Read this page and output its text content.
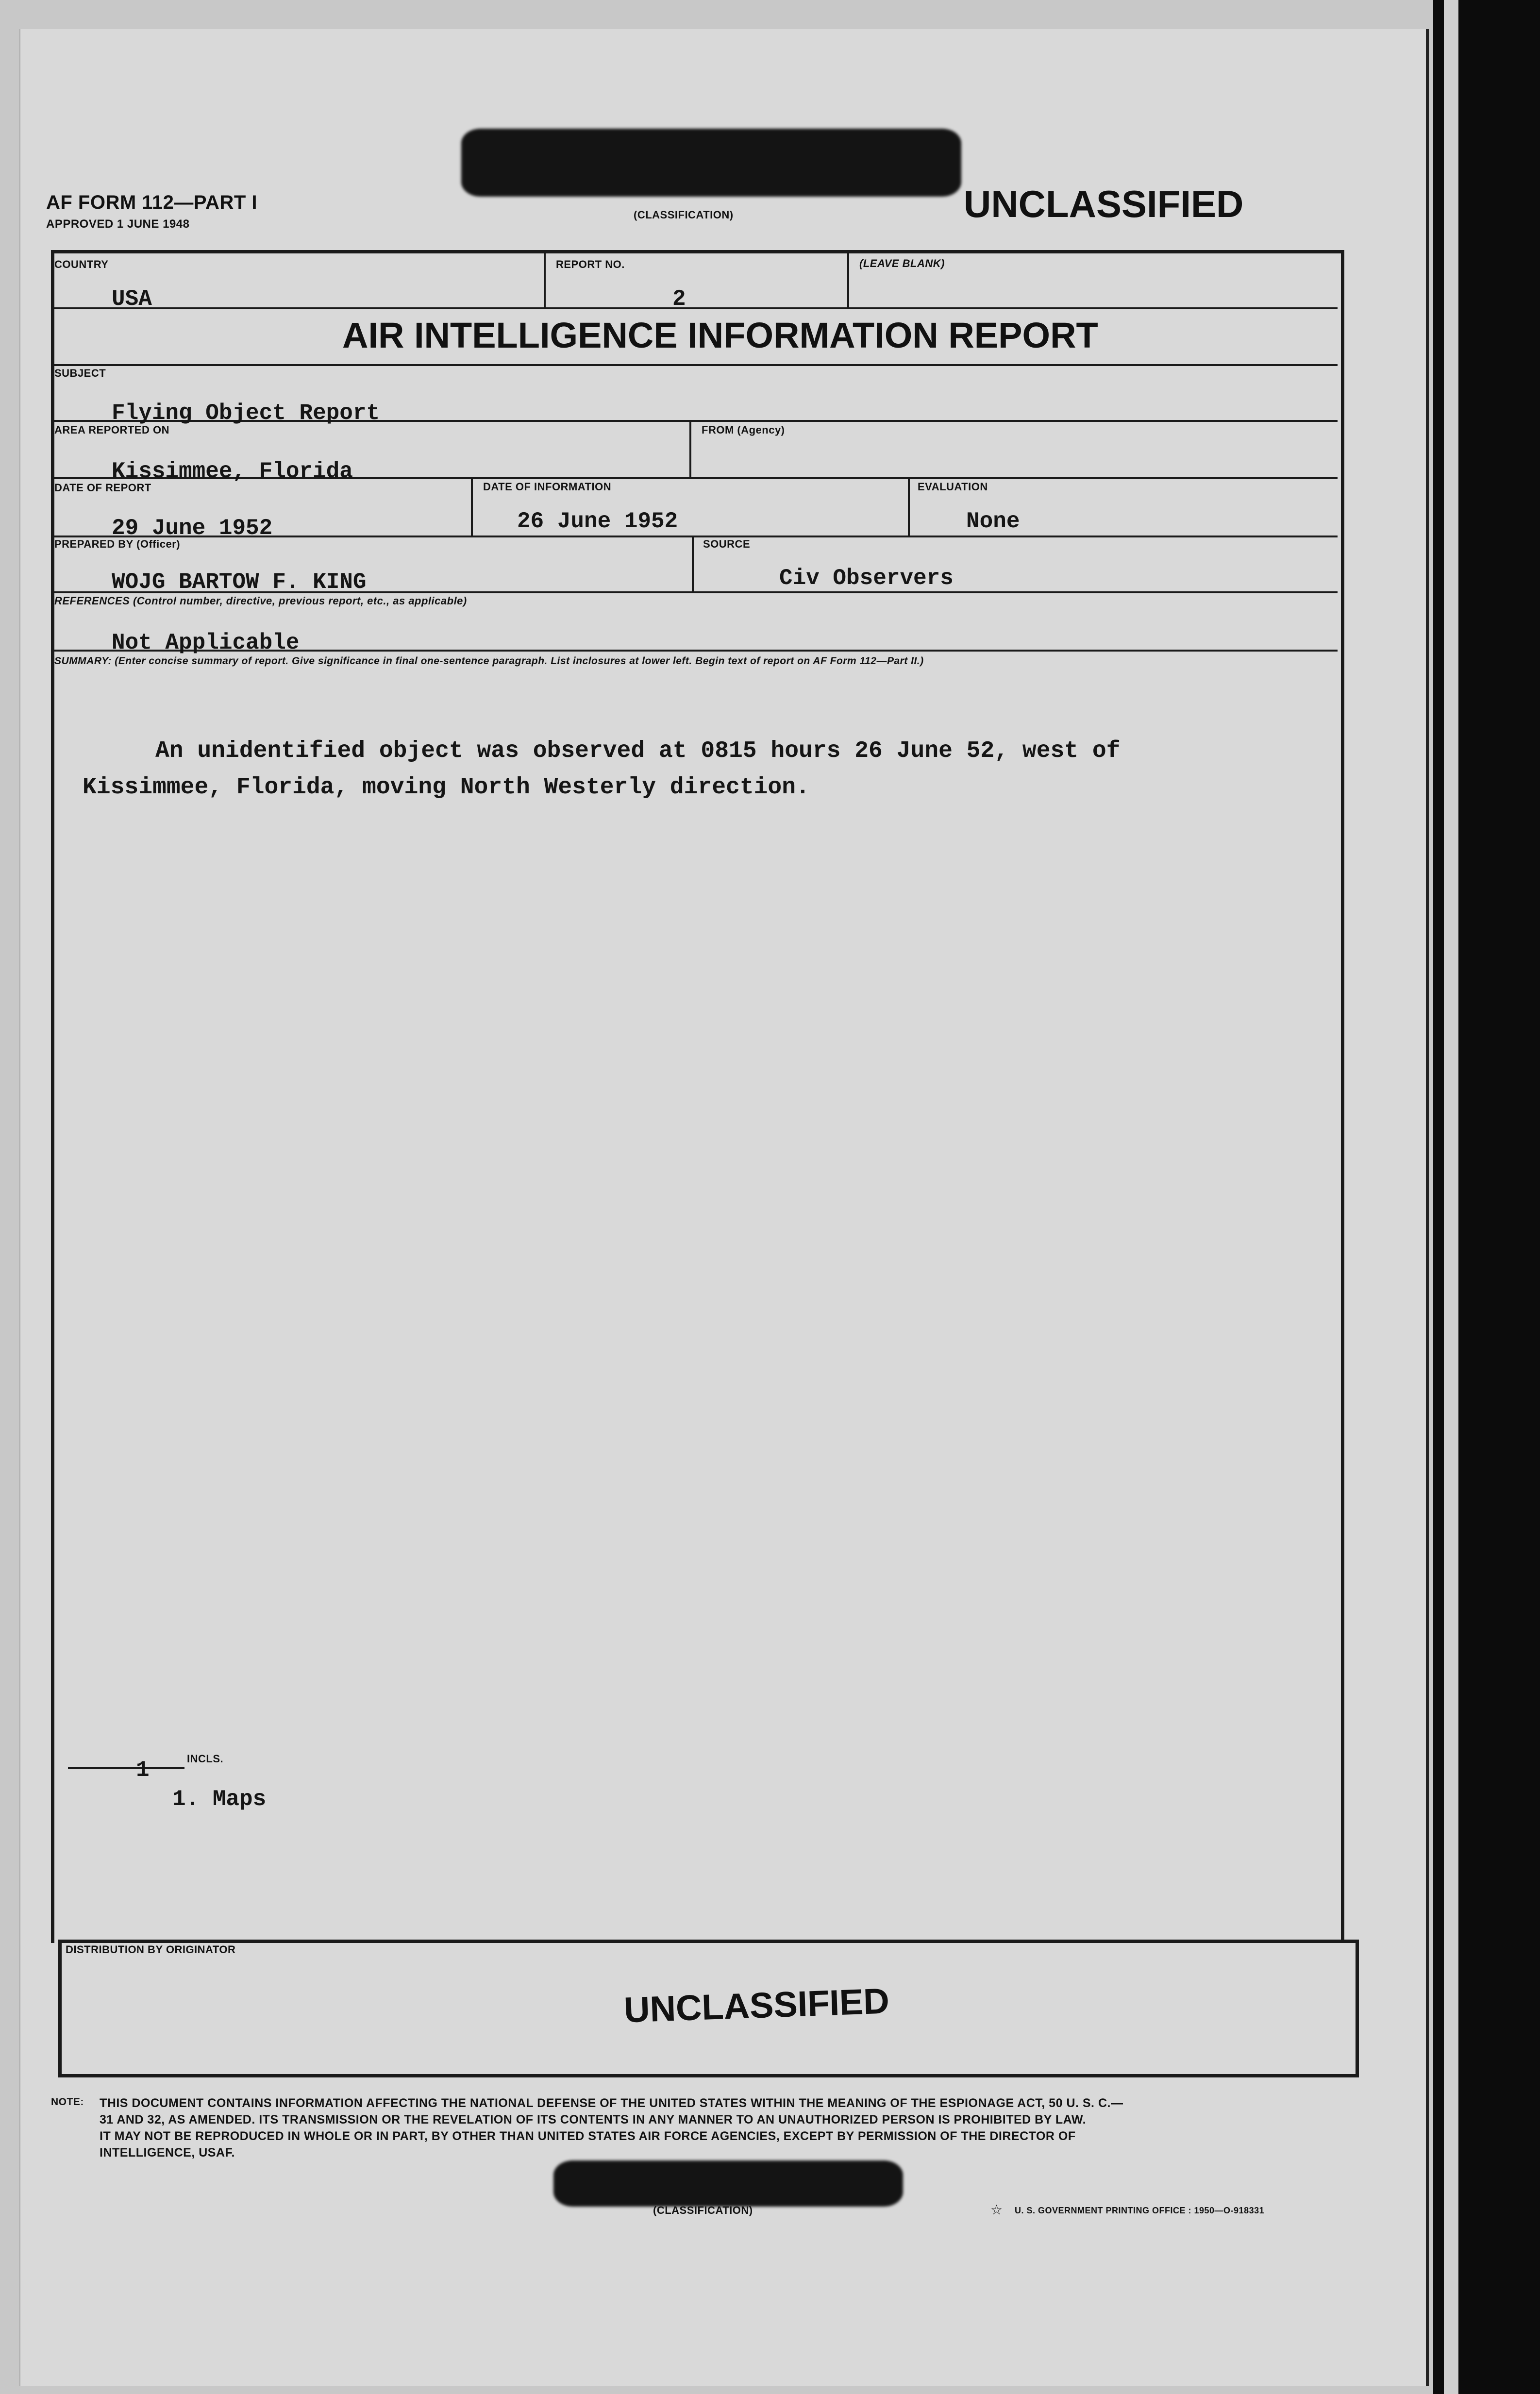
AF FORM 112—PART I
APPROVED 1 JUNE 1948
(CLASSIFICATION)	UNCLASSIFIED
COUNTRY
USA
REPORT NO.
2
(LEAVE BLANK)
AIR INTELLIGENCE INFORMATION REPORT
SUBJECT
Flying Object Report
AREA REPORTED ON
Kissimmee, Florida
FROM (Agency)
DATE OF REPORT
29 June 1952
DATE OF INFORMATION
26 June 1952
EVALUATION
None
PREPARED BY (Officer)
WOJG BARTOW F. KING
SOURCE
Civ Observers
REFERENCES (Control number, directive, previous report, etc., as applicable)
Not Applicable
SUMMARY: (Enter concise summary of report. Give significance in final one-sentence paragraph. List inclosures at lower left. Begin text of report on AF Form 112—Part II.)
An unidentified object was observed at 0815 hours 26 June 52, west of
Kissimmee, Florida, moving North Westerly direction.
1	INCLS.
1. Maps
DISTRIBUTION BY ORIGINATOR
UNCLASSIFIED
NOTE: THIS DOCUMENT CONTAINS INFORMATION AFFECTING THE NATIONAL DEFENSE OF THE UNITED STATES WITHIN THE MEANING OF THE ESPIONAGE ACT, 50 U. S. C.—
31 AND 32, AS AMENDED. ITS TRANSMISSION OR THE REVELATION OF ITS CONTENTS IN ANY MANNER TO AN UNAUTHORIZED PERSON IS PROHIBITED BY LAW.
IT MAY NOT BE REPRODUCED IN WHOLE OR IN PART, BY OTHER THAN UNITED STATES AIR FORCE AGENCIES, EXCEPT BY PERMISSION OF THE DIRECTOR OF
INTELLIGENCE, USAF.
(CLASSIFICATION)	☆ U. S. GOVERNMENT PRINTING OFFICE : 1950—O-918331
